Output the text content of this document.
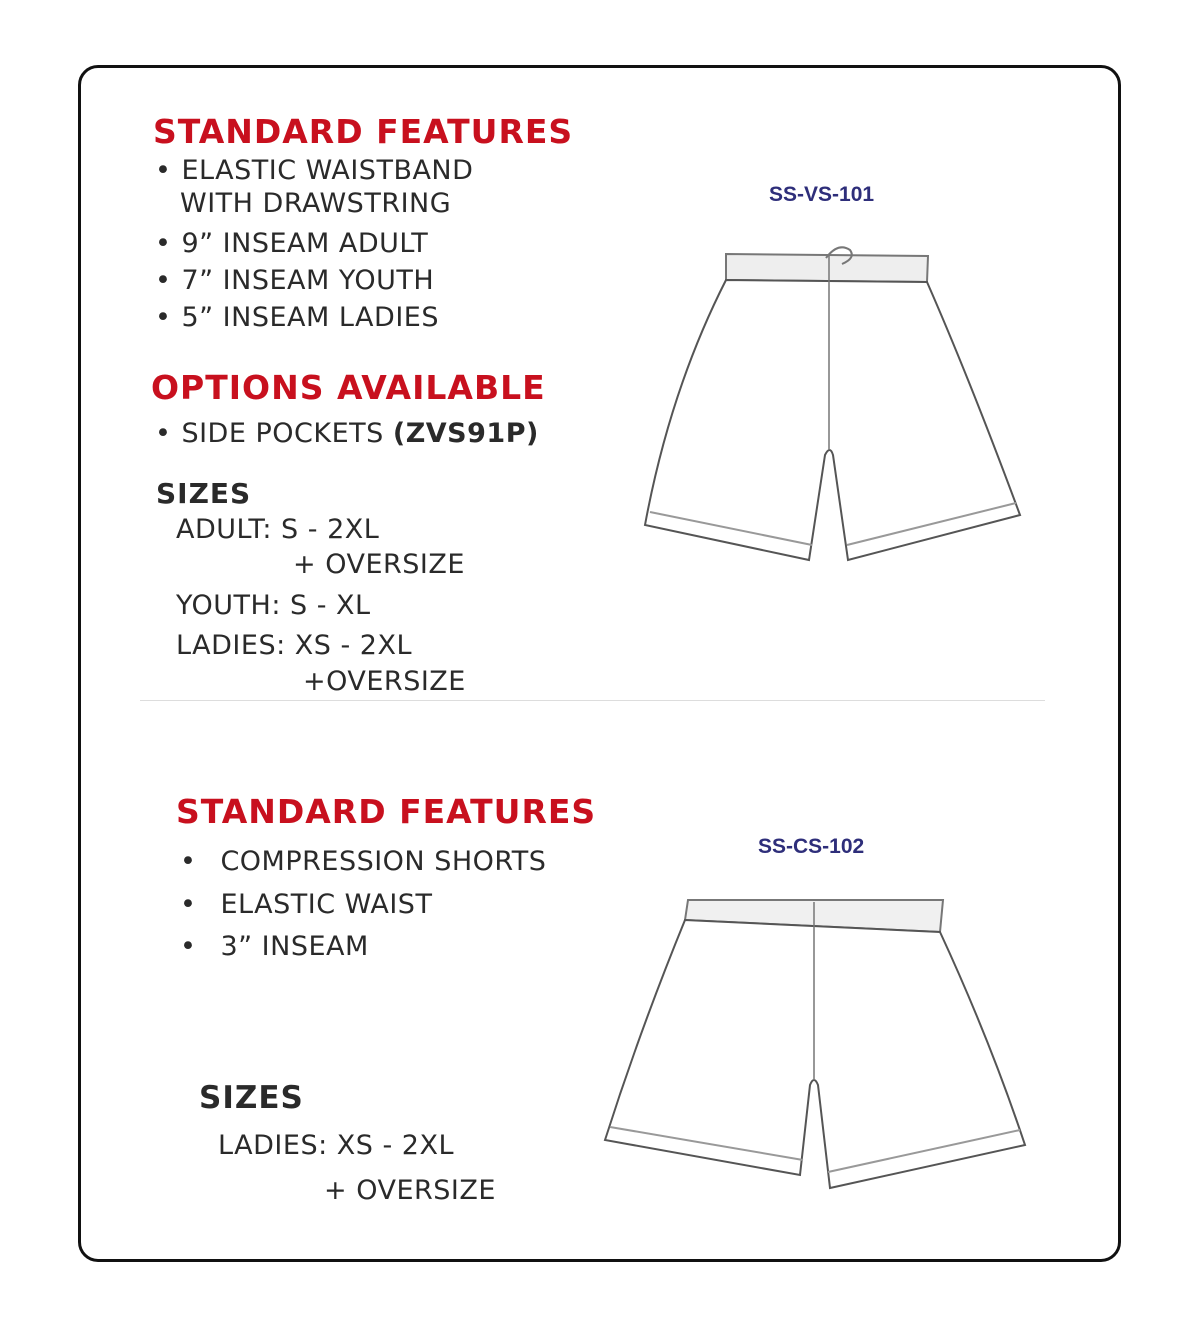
STANDARD FEATURES
• ELASTIC WAISTBAND
WITH DRAWSTRING
• 9” INSEAM ADULT
• 7” INSEAM YOUTH
• 5” INSEAM LADIES
OPTIONS AVAILABLE
• SIDE POCKETS (ZVS91P)
SIZES
ADULT: S - 2XL
+ OVERSIZE
YOUTH: S - XL
LADIES: XS - 2XL
+OVERSIZE
SS-VS-101
STANDARD FEATURES
• COMPRESSION SHORTS
• ELASTIC WAIST
• 3” INSEAM
SIZES
LADIES: XS - 2XL
+ OVERSIZE
SS-CS-102
